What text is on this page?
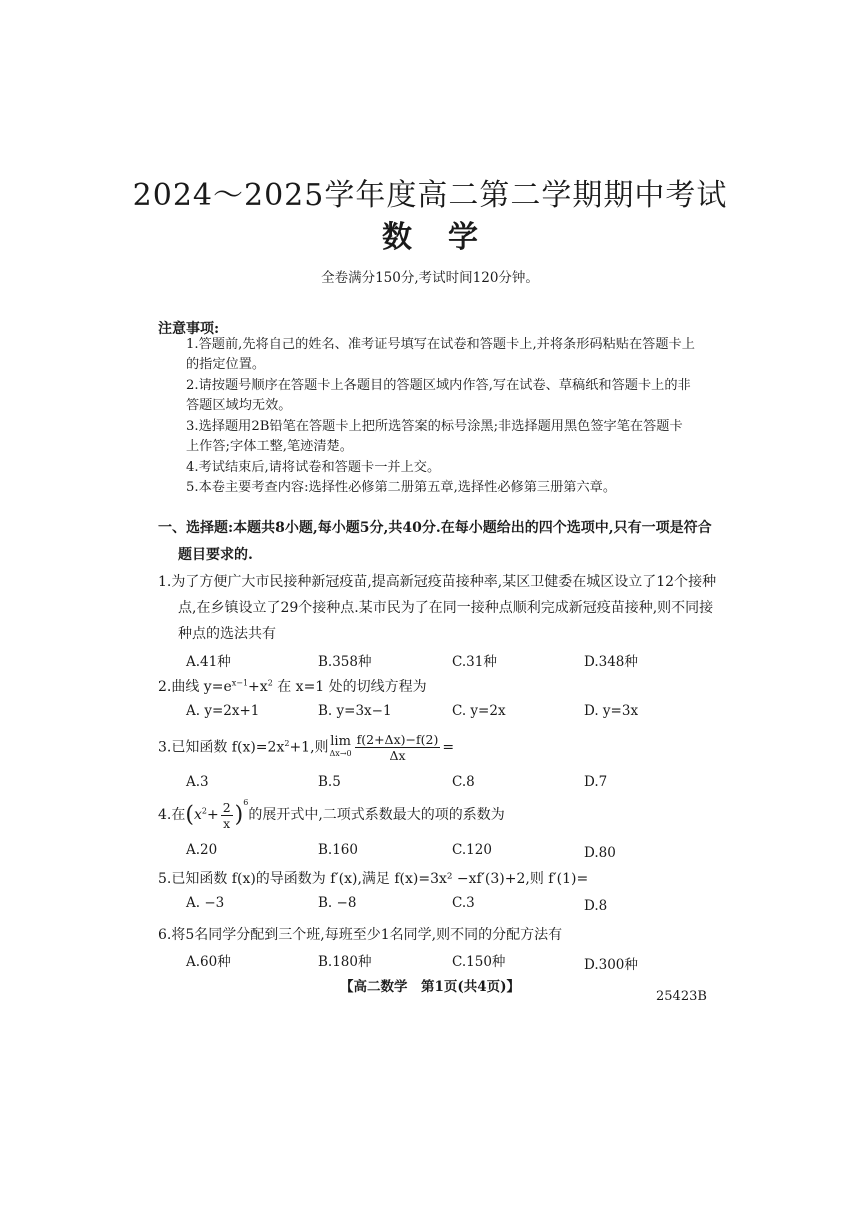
2024～2025学年度高二第二学期期中考试
数学
全卷满分150分,考试时间120分钟。
注意事项:
1.答题前,先将自己的姓名、准考证号填写在试卷和答题卡上,并将条形码粘贴在答题卡上
的指定位置。
2.请按题号顺序在答题卡上各题目的答题区域内作答,写在试卷、草稿纸和答题卡上的非
答题区域均无效。
3.选择题用2B铅笔在答题卡上把所选答案的标号涂黑;非选择题用黑色签字笔在答题卡
上作答;字体工整,笔迹清楚。
4.考试结束后,请将试卷和答题卡一并上交。
5.本卷主要考查内容:选择性必修第二册第五章,选择性必修第三册第六章。
一、选择题:本题共8小题,每小题5分,共40分.在每小题给出的四个选项中,只有一项是符合
题目要求的.
1.为了方便广大市民接种新冠疫苗,提高新冠疫苗接种率,某区卫健委在城区设立了12个接种
点,在乡镇设立了29个接种点.某市民为了在同一接种点顺利完成新冠疫苗接种,则不同接
种点的选法共有
A.41种	B.358种	C.31种	D.348种
2.曲线 $y=e^{x-1}+x^2$ 在 x=1 处的切线方程为
A. y=2x+1	B. y=3x−1	C. y=2x	D. y=3x
3.已知函数 $f(x)=2x^2+1$,则 lim
$\Delta x\to 0 \frac{f(2+\Delta x)-f(2)}{\Delta x}$ =
A.3	B.5	C.8	D.7
4.在$(x^2+ \frac{2}{x} )^6$的展开式中,二项式系数最大的项的系数为
A.20	B.160	C.120	D.80
5.已知函数 f(x)的导函数为 f′(x),满足 f(x)=3x² −xf′(3)+2,则 f′(1)=
A. −3	B. −8	C.3	D.8
6.将5名同学分配到三个班,每班至少1名同学,则不同的分配方法有
A.60种	B.180种	C.150种	D.300种
【高二数学　第1页(共4页)】
25423B
